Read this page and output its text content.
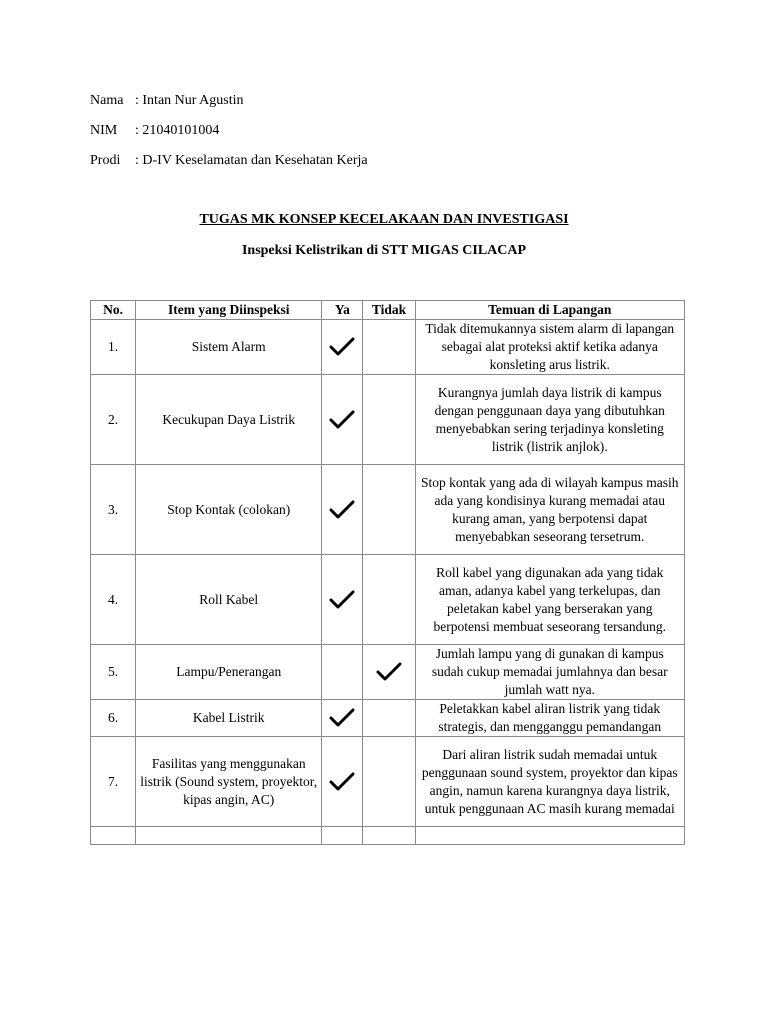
Nama : Intan Nur Agustin
NIM : 21040101004
Prodi : D-IV Keselamatan dan Kesehatan Kerja
TUGAS MK KONSEP KECELAKAAN DAN INVESTIGASI
Inspeksi Kelistrikan di STT MIGAS CILACAP
No.	Item yang Diinspeksi	Ya	Tidak	Temuan di Lapangan
1.	Sistem Alarm			Tidak ditemukannya sistem alarm di lapangan sebagai alat proteksi aktif ketika adanya konsleting arus listrik.
2.	Kecukupan Daya Listrik			Kurangnya jumlah daya listrik di kampus dengan penggunaan daya yang dibutuhkan menyebabkan sering terjadinya konsleting listrik (listrik anjlok).
3.	Stop Kontak (colokan)			Stop kontak yang ada di wilayah kampus masih ada yang kondisinya kurang memadai atau kurang aman, yang berpotensi dapat menyebabkan seseorang tersetrum.
4.	Roll Kabel			Roll kabel yang digunakan ada yang tidak aman, adanya kabel yang terkelupas, dan peletakan kabel yang berserakan yang berpotensi membuat seseorang tersandung.
5.	Lampu/Penerangan			Jumlah lampu yang di gunakan di kampus sudah cukup memadai jumlahnya dan besar jumlah watt nya.
6.	Kabel Listrik			Peletakkan kabel aliran listrik yang tidak strategis, dan mengganggu pemandangan
7.	Fasilitas yang menggunakan listrik (Sound system, proyektor, kipas angin, AC)			Dari aliran listrik sudah memadai untuk penggunaan sound system, proyektor dan kipas angin, namun karena kurangnya daya listrik, untuk penggunaan AC masih kurang memadai
